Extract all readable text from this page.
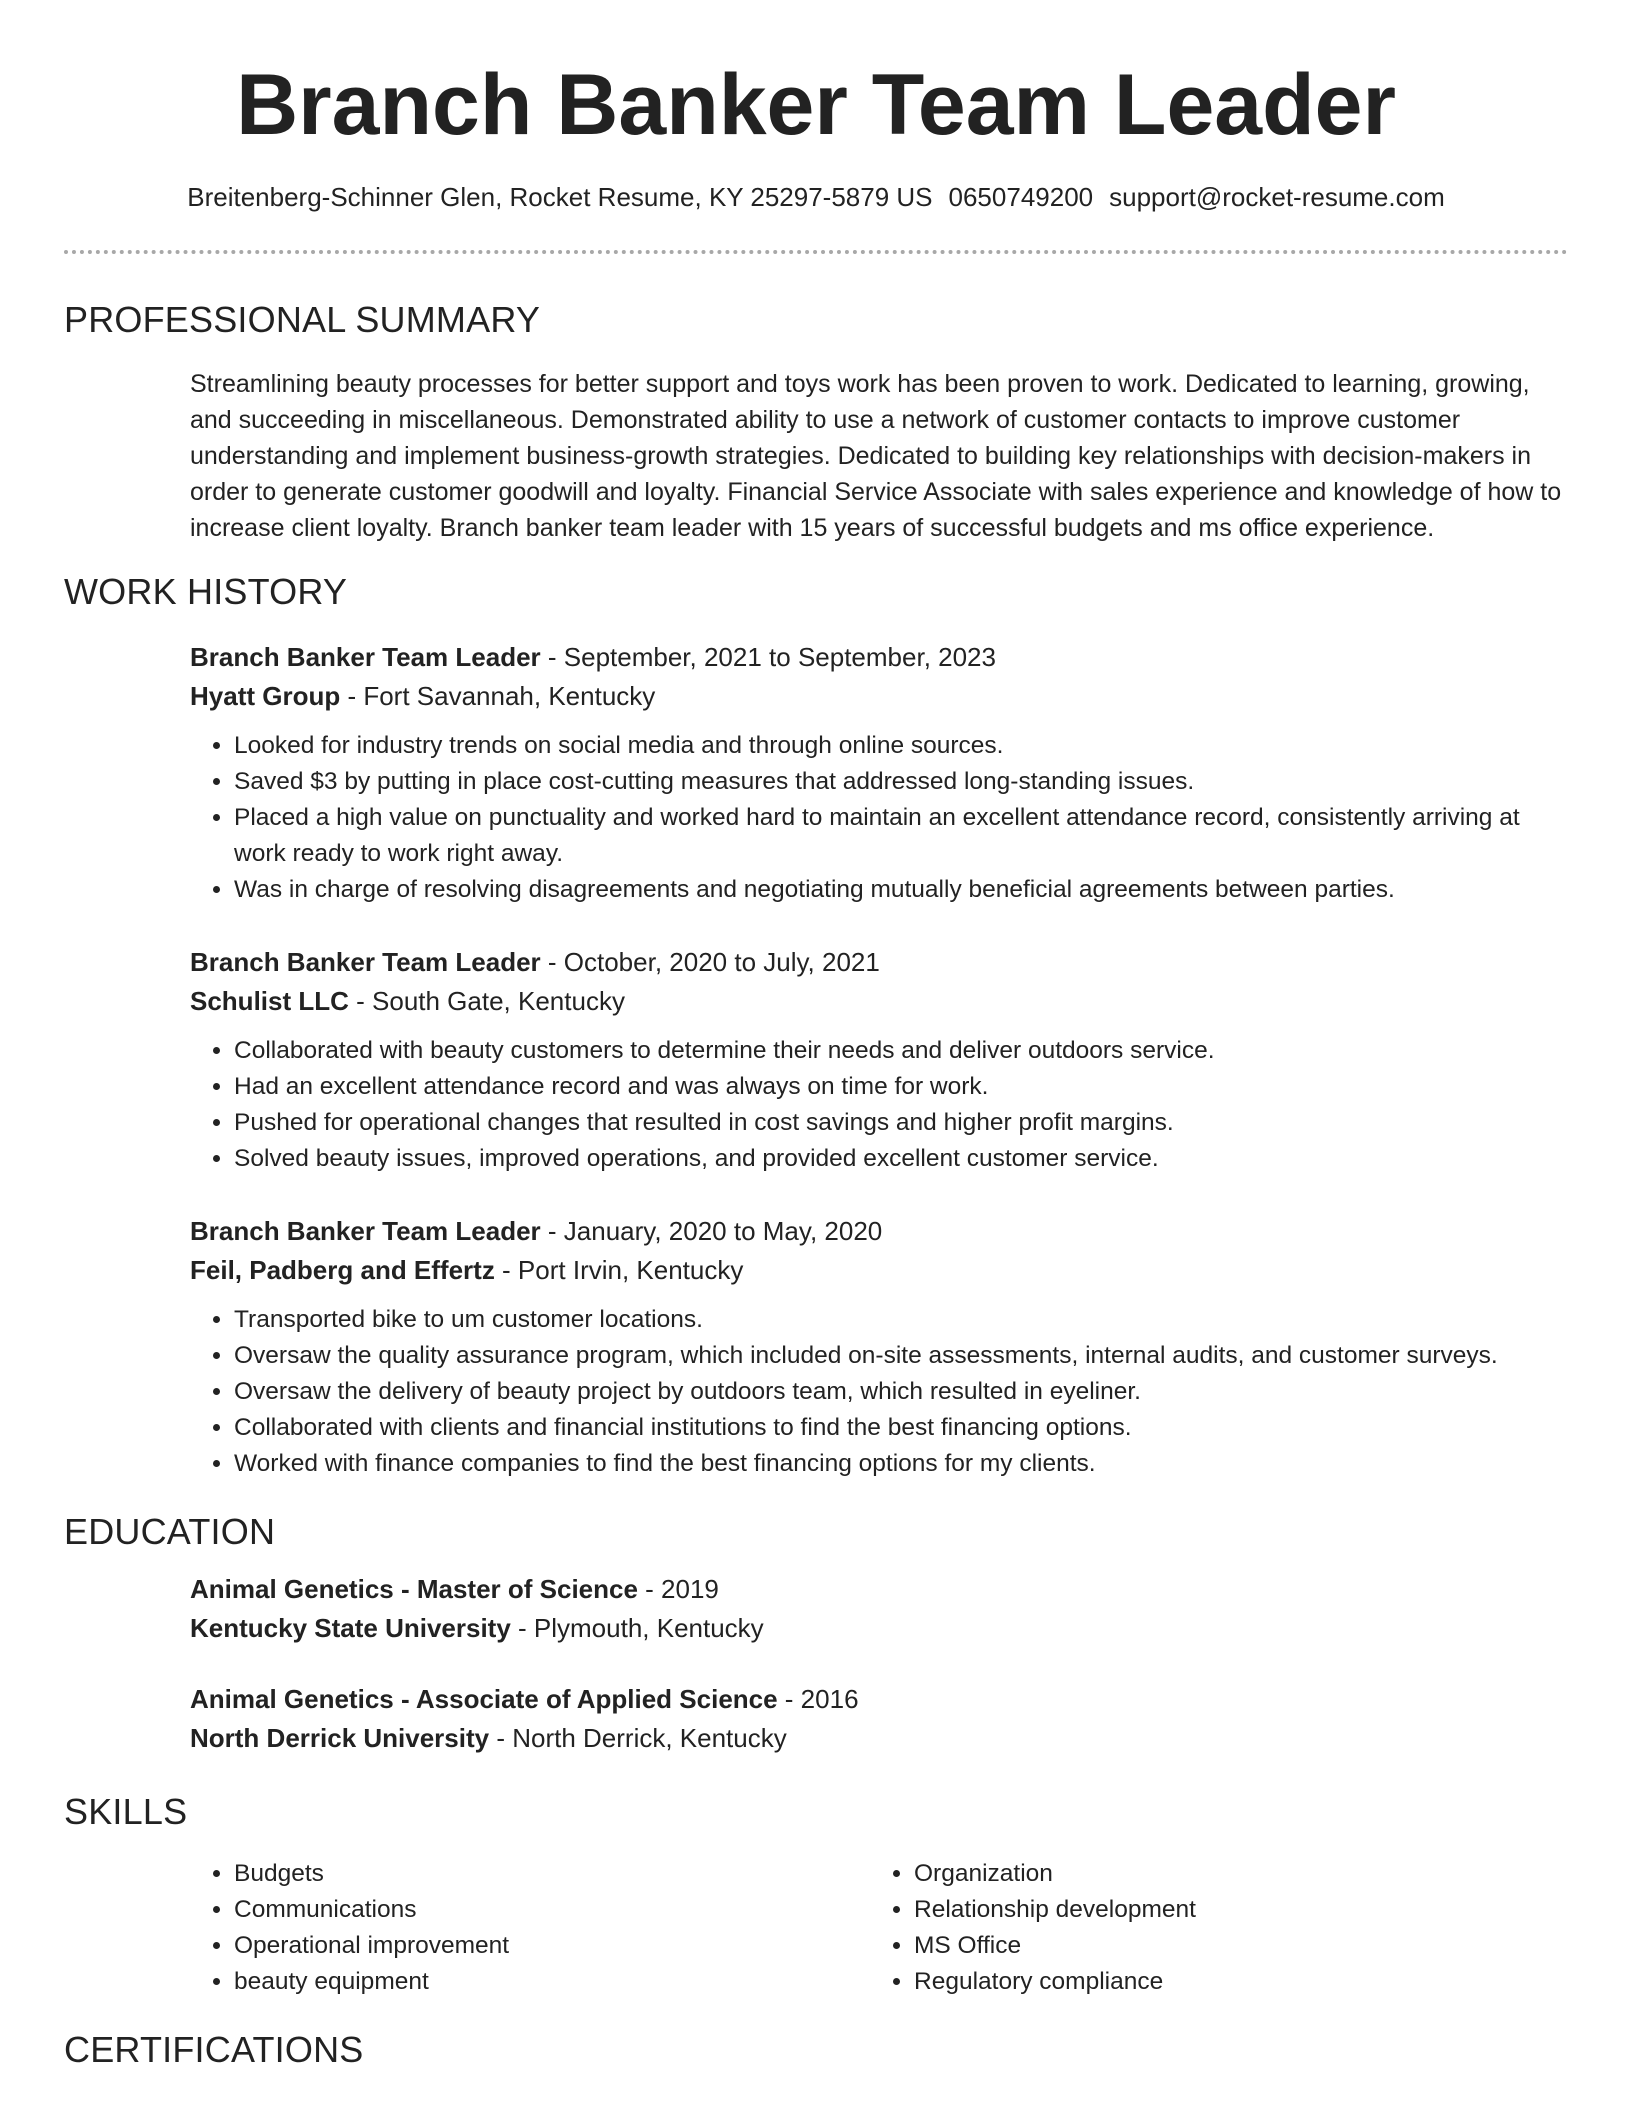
Branch Banker Team Leader
Breitenberg-Schinner Glen, Rocket Resume, KY 25297-5879 US 0650749200 support@rocket-resume.com
PROFESSIONAL SUMMARY
Streamlining beauty processes for better support and toys work has been proven to work. Dedicated to learning, growing, and succeeding in miscellaneous. Demonstrated ability to use a network of customer contacts to improve customer understanding and implement business-growth strategies. Dedicated to building key relationships with decision-makers in order to generate customer goodwill and loyalty. Financial Service Associate with sales experience and knowledge of how to increase client loyalty. Branch banker team leader with 15 years of successful budgets and ms office experience.
WORK HISTORY
Branch Banker Team Leader - September, 2021 to September, 2023
Hyatt Group - Fort Savannah, Kentucky
• Looked for industry trends on social media and through online sources.
• Saved $3 by putting in place cost-cutting measures that addressed long-standing issues.
• Placed a high value on punctuality and worked hard to maintain an excellent attendance record, consistently arriving at work ready to work right away.
• Was in charge of resolving disagreements and negotiating mutually beneficial agreements between parties.
Branch Banker Team Leader - October, 2020 to July, 2021
Schulist LLC - South Gate, Kentucky
• Collaborated with beauty customers to determine their needs and deliver outdoors service.
• Had an excellent attendance record and was always on time for work.
• Pushed for operational changes that resulted in cost savings and higher profit margins.
• Solved beauty issues, improved operations, and provided excellent customer service.
Branch Banker Team Leader - January, 2020 to May, 2020
Feil, Padberg and Effertz - Port Irvin, Kentucky
• Transported bike to um customer locations.
• Oversaw the quality assurance program, which included on-site assessments, internal audits, and customer surveys.
• Oversaw the delivery of beauty project by outdoors team, which resulted in eyeliner.
• Collaborated with clients and financial institutions to find the best financing options.
• Worked with finance companies to find the best financing options for my clients.
EDUCATION
Animal Genetics - Master of Science - 2019
Kentucky State University - Plymouth, Kentucky
Animal Genetics - Associate of Applied Science - 2016
North Derrick University - North Derrick, Kentucky
SKILLS
• Budgets
• Communications
• Operational improvement
• beauty equipment
• Organization
• Relationship development
• MS Office
• Regulatory compliance
CERTIFICATIONS
